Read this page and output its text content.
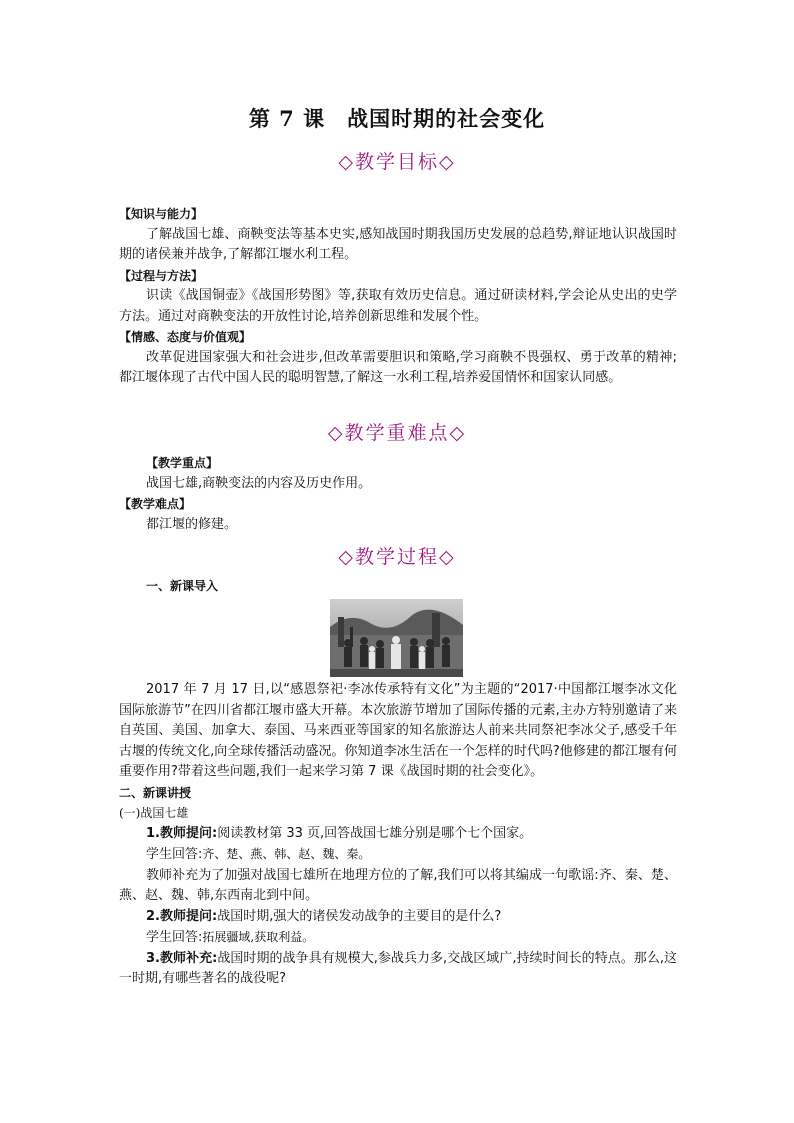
第 7 课　战国时期的社会变化
◇教学目标◇
【知识与能力】
了解战国七雄、商鞅变法等基本史实,感知战国时期我国历史发展的总趋势,辩证地认识战国时期的诸侯兼并战争,了解都江堰水利工程。
【过程与方法】
识读《战国铜壶》《战国形势图》等,获取有效历史信息。通过研读材料,学会论从史出的史学方法。通过对商鞅变法的开放性讨论,培养创新思维和发展个性。
【情感、态度与价值观】
改革促进国家强大和社会进步,但改革需要胆识和策略,学习商鞅不畏强权、勇于改革的精神;都江堰体现了古代中国人民的聪明智慧,了解这一水利工程,培养爱国情怀和国家认同感。
◇教学重难点◇
【教学重点】
战国七雄,商鞅变法的内容及历史作用。
【教学难点】
都江堰的修建。
◇教学过程◇
一、新课导入
2017 年 7 月 17 日,以“感恩祭祀·李冰传承特有文化”为主题的“2017·中国都江堰李冰文化国际旅游节”在四川省都江堰市盛大开幕。本次旅游节增加了国际传播的元素,主办方特别邀请了来自英国、美国、加拿大、泰国、马来西亚等国家的知名旅游达人前来共同祭祀李冰父子,感受千年古堰的传统文化,向全球传播活动盛况。你知道李冰生活在一个怎样的时代吗?他修建的都江堰有何重要作用?带着这些问题,我们一起来学习第 7 课《战国时期的社会变化》。
二、新课讲授
(一)战国七雄
1.教师提问:阅读教材第 33 页,回答战国七雄分别是哪个七个国家。
学生回答:齐、楚、燕、韩、赵、魏、秦。
教师补充为了加强对战国七雄所在地理方位的了解,我们可以将其编成一句歌谣:齐、秦、楚、燕、赵、魏、韩,东西南北到中间。
2.教师提问:战国时期,强大的诸侯发动战争的主要目的是什么?
学生回答:拓展疆域,获取利益。
3.教师补充:战国时期的战争具有规模大,参战兵力多,交战区域广,持续时间长的特点。那么,这一时期,有哪些著名的战役呢?
